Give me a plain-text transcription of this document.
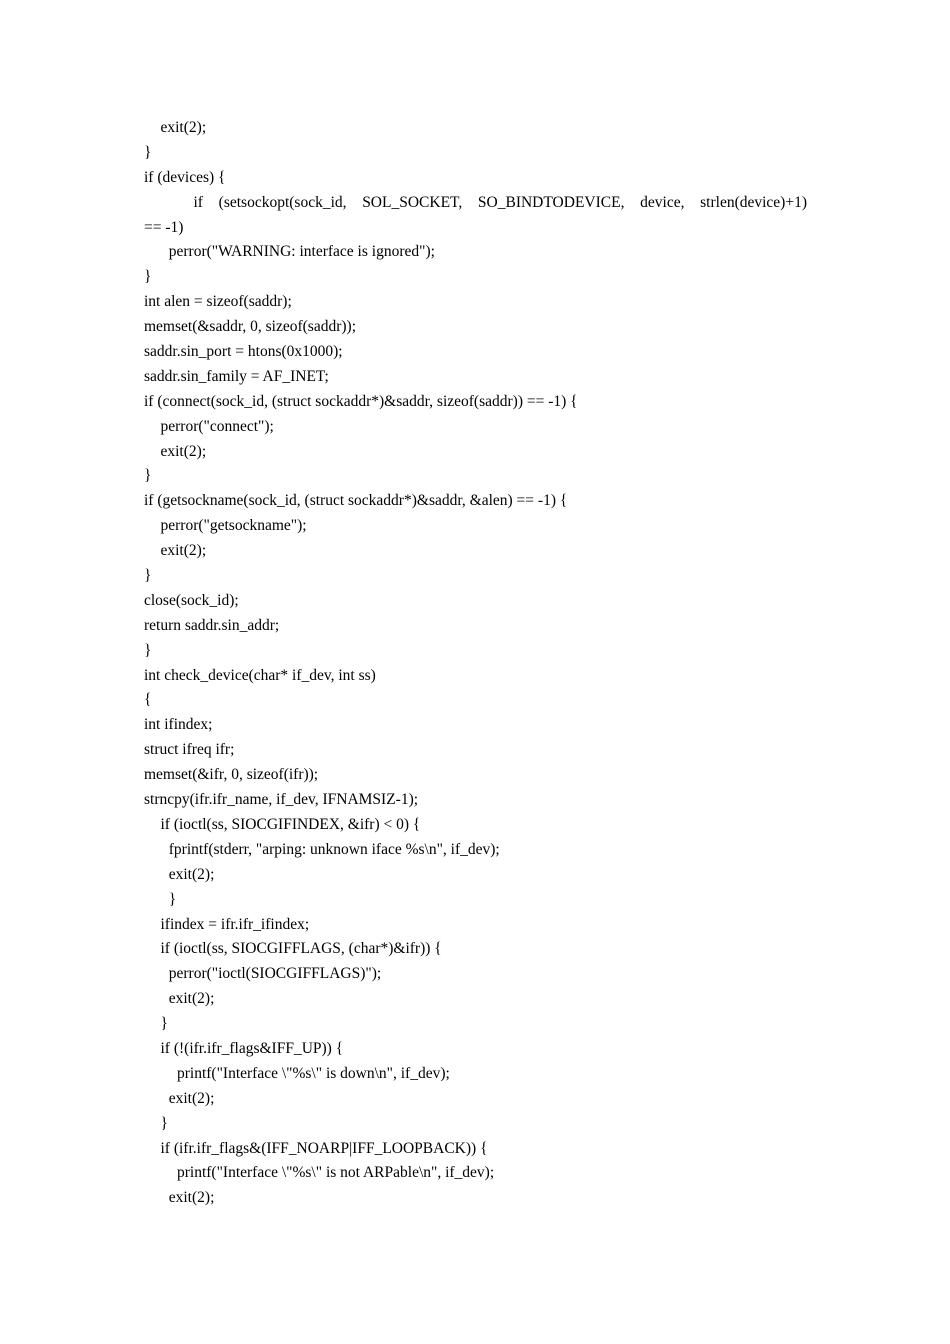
exit(2);
}
if (devices) {
if (setsockopt(sock_id, SOL_SOCKET, SO_BINDTODEVICE, device, strlen(device)+1)
== -1)
perror("WARNING: interface is ignored");
}
int alen = sizeof(saddr);
memset(&saddr, 0, sizeof(saddr));
saddr.sin_port = htons(0x1000);
saddr.sin_family = AF_INET;
if (connect(sock_id, (struct sockaddr*)&saddr, sizeof(saddr)) == -1) {
perror("connect");
exit(2);
}
if (getsockname(sock_id, (struct sockaddr*)&saddr, &alen) == -1) {
perror("getsockname");
exit(2);
}
close(sock_id);
return saddr.sin_addr;
}
int check_device(char* if_dev, int ss)
{
int ifindex;
struct ifreq ifr;
memset(&ifr, 0, sizeof(ifr));
strncpy(ifr.ifr_name, if_dev, IFNAMSIZ-1);
if (ioctl(ss, SIOCGIFINDEX, &ifr) < 0) {
fprintf(stderr, "arping: unknown iface %s\n", if_dev);
exit(2);
}
ifindex = ifr.ifr_ifindex;
if (ioctl(ss, SIOCGIFFLAGS, (char*)&ifr)) {
perror("ioctl(SIOCGIFFLAGS)");
exit(2);
}
if (!(ifr.ifr_flags&IFF_UP)) {
printf("Interface \"%s\" is down\n", if_dev);
exit(2);
}
if (ifr.ifr_flags&(IFF_NOARP|IFF_LOOPBACK)) {
printf("Interface \"%s\" is not ARPable\n", if_dev);
exit(2);
